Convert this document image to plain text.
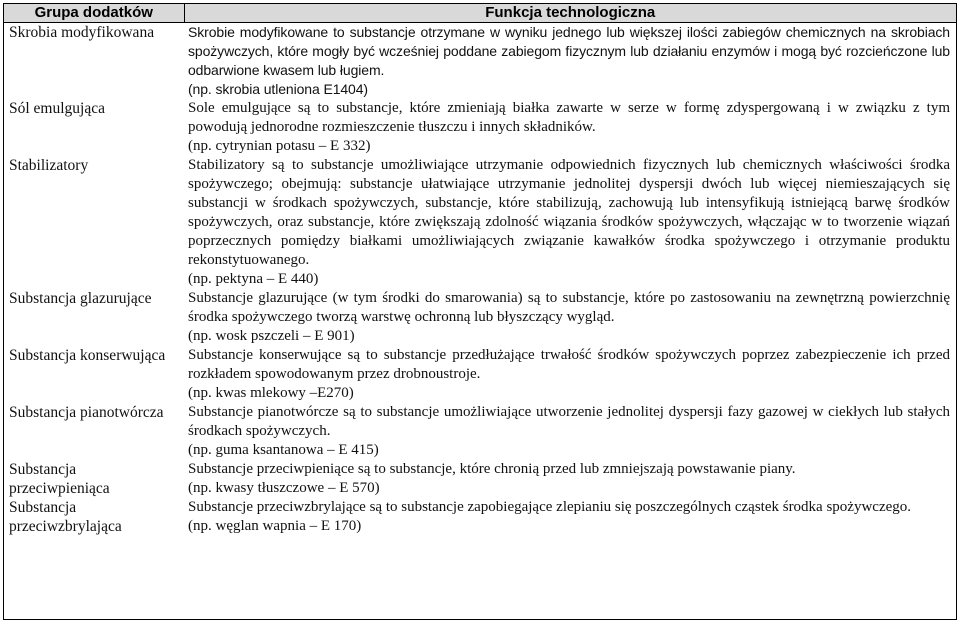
Grupa dodatków	Funkcja technologiczna
Skrobia modyfikowana	Skrobie modyfikowane to substancje otrzymane w wyniku jednego lub większej ilości zabiegów chemicznych na skrobiach spożywczych, które mogły być wcześniej poddane zabiegom fizycznym lub działaniu enzymów i mogą być rozcieńczone lub odbarwione kwasem lub ługiem.
(np. skrobia utleniona E1404)

Sól emulgująca	Sole emulgujące są to substancje, które zmieniają białka zawarte w serze w formę zdyspergowaną i w związku z tym powodują jednorodne rozmieszczenie tłuszczu i innych składników.
(np. cytrynian potasu – E 332)

Stabilizatory	Stabilizatory są to substancje umożliwiające utrzymanie odpowiednich fizycznych lub chemicznych właściwości środka spożywczego; obejmują: substancje ułatwiające utrzymanie jednolitej dyspersji dwóch lub więcej niemieszających się substancji w środkach spożywczych, substancje, które stabilizują, zachowują lub intensyfikują istniejącą barwę środków spożywczych, oraz substancje, które zwiększają zdolność wiązania środków spożywczych, włączając w to tworzenie wiązań poprzecznych pomiędzy białkami umożliwiających związanie kawałków środka spożywczego i otrzymanie produktu rekonstytuowanego.
(np. pektyna – E 440)

Substancja glazurujące	Substancje glazurujące (w tym środki do smarowania) są to substancje, które po zastosowaniu na zewnętrzną powierzchnię środka spożywczego tworzą warstwę ochronną lub błyszczący wygląd.
(np. wosk pszczeli – E 901)

Substancja konserwująca	Substancje konserwujące są to substancje przedłużające trwałość środków spożywczych poprzez zabezpieczenie ich przed rozkładem spowodowanym przez drobnoustroje.
(np. kwas mlekowy –E270)

Substancja pianotwórcza	Substancje pianotwórcze są to substancje umożliwiające utworzenie jednolitej dyspersji fazy gazowej w ciekłych lub stałych środkach spożywczych.
(np. guma ksantanowa – E 415)

Substancja przeciwpieniąca	Substancje przeciwpieniące są to substancje, które chronią przed lub zmniejszają powstawanie piany.
(np. kwasy tłuszczowe – E 570)

Substancja przeciwzbrylająca	Substancje przeciwzbrylające są to substancje zapobiegające zlepianiu się poszczególnych cząstek środka spożywczego.
(np. węglan wapnia – E 170)
